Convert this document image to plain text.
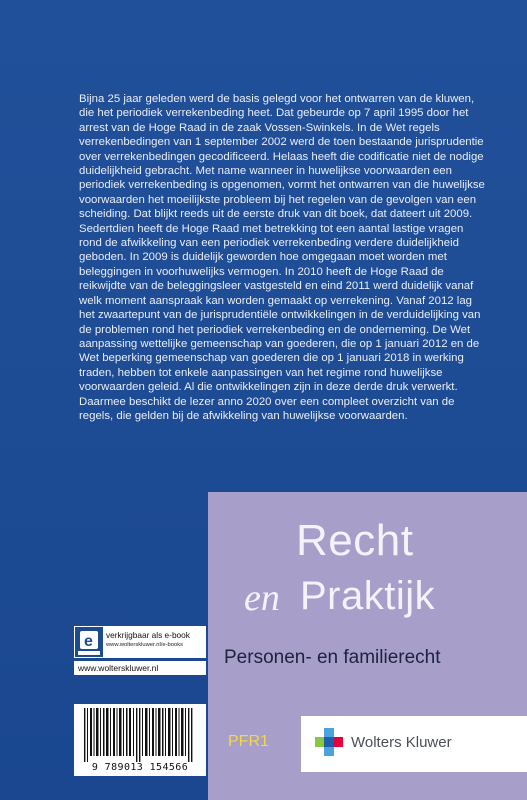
Bijna 25 jaar geleden werd de basis gelegd voor het ontwarren van de kluwen, die het periodiek verrekenbeding heet. Dat gebeurde op 7 april 1995 door het arrest van de Hoge Raad in de zaak Vossen-Swinkels. In de Wet regels verrekenbedingen van 1 september 2002 werd de toen bestaande jurisprudentie over verrekenbedingen gecodificeerd. Helaas heeft die codificatie niet de nodige duidelijkheid gebracht. Met name wanneer in huwelijkse voorwaarden een periodiek verrekenbeding is opgenomen, vormt het ontwarren van die huwelijkse voorwaarden het moeilijkste probleem bij het regelen van de gevolgen van een scheiding. Dat blijkt reeds uit de eerste druk van dit boek, dat dateert uit 2009. Sedertdien heeft de Hoge Raad met betrekking tot een aantal lastige vragen rond de afwikkeling van een periodiek verrekenbeding verdere duidelijkheid geboden. In 2009 is duidelijk geworden hoe omgegaan moet worden met beleggingen in voorhuwelijks vermogen. In 2010 heeft de Hoge Raad de reikwijdte van de beleggingsleer vastgesteld en eind 2011 werd duidelijk vanaf welk moment aanspraak kan worden gemaakt op verrekening. Vanaf 2012 lag het zwaartepunt van de jurisprudentiële ontwikkelingen in de verduidelijking van de problemen rond het periodiek verrekenbeding en de onderneming. De Wet aanpassing wettelijke gemeenschap van goederen, die op 1 januari 2012 en de Wet beperking gemeenschap van goederen die op 1 januari 2018 in werking traden, hebben tot enkele aanpassingen van het regime rond huwelijkse voorwaarden geleid. Al die ontwikkelingen zijn in deze derde druk verwerkt. Daarmee beschikt de lezer anno 2020 over een compleet overzicht van de regels, die gelden bij de afwikkeling van huwelijkse voorwaarden.
Recht
en Praktijk
Personen- en familierecht
PFR1	Wolters Kluwer
e verkrijgbaar als e-book
www.wolterskluwer.nl/e-books
www.wolterskluwer.nl
9 789013 154566
